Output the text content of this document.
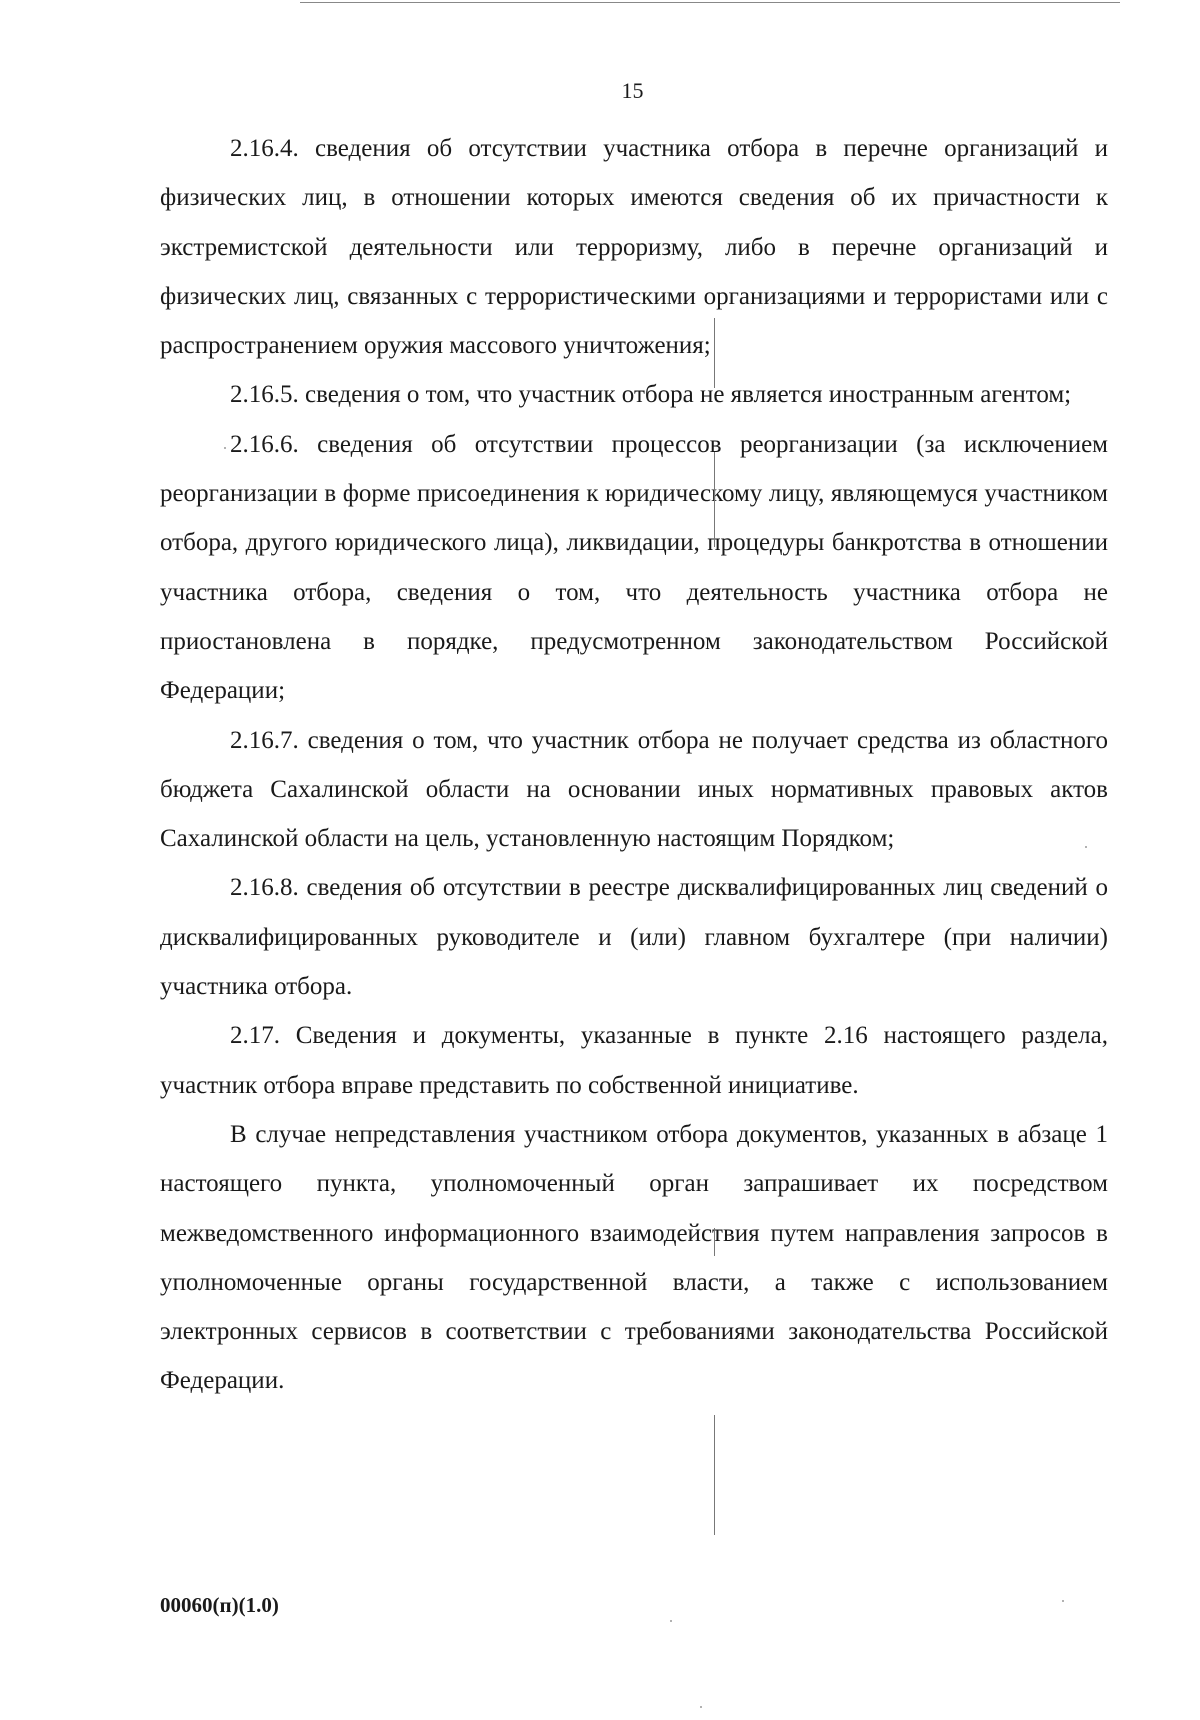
15

2.16.4. сведения об отсутствии участника отбора в перечне организаций и физических лиц, в отношении которых имеются сведения об их причастности к экстремистской деятельности или терроризму, либо в перечне организаций и физических лиц, связанных с террористическими организациями и террористами или с распространением оружия массового уничтожения;

2.16.5. сведения о том, что участник отбора не является иностранным агентом;

2.16.6. сведения об отсутствии процессов реорганизации (за исключением реорганизации в форме присоединения к юридическому лицу, являющемуся участником отбора, другого юридического лица), ликвидации, процедуры банкротства в отношении участника отбора, сведения о том, что деятельность участника отбора не приостановлена в порядке, предусмотренном законодательством Российской Федерации;

2.16.7. сведения о том, что участник отбора не получает средства из областного бюджета Сахалинской области на основании иных нормативных правовых актов Сахалинской области на цель, установленную настоящим Порядком;

2.16.8. сведения об отсутствии в реестре дисквалифицированных лиц сведений о дисквалифицированных руководителе и (или) главном бухгалтере (при наличии) участника отбора.

2.17. Сведения и документы, указанные в пункте 2.16 настоящего раздела, участник отбора вправе представить по собственной инициативе.

В случае непредставления участником отбора документов, указанных в абзаце 1 настоящего пункта, уполномоченный орган запрашивает их посредством межведомственного информационного взаимодействия путем направления запросов в уполномоченные органы государственной власти, а также с использованием электронных сервисов в соответствии с требованиями законодательства Российской Федерации.

00060(п)(1.0)
